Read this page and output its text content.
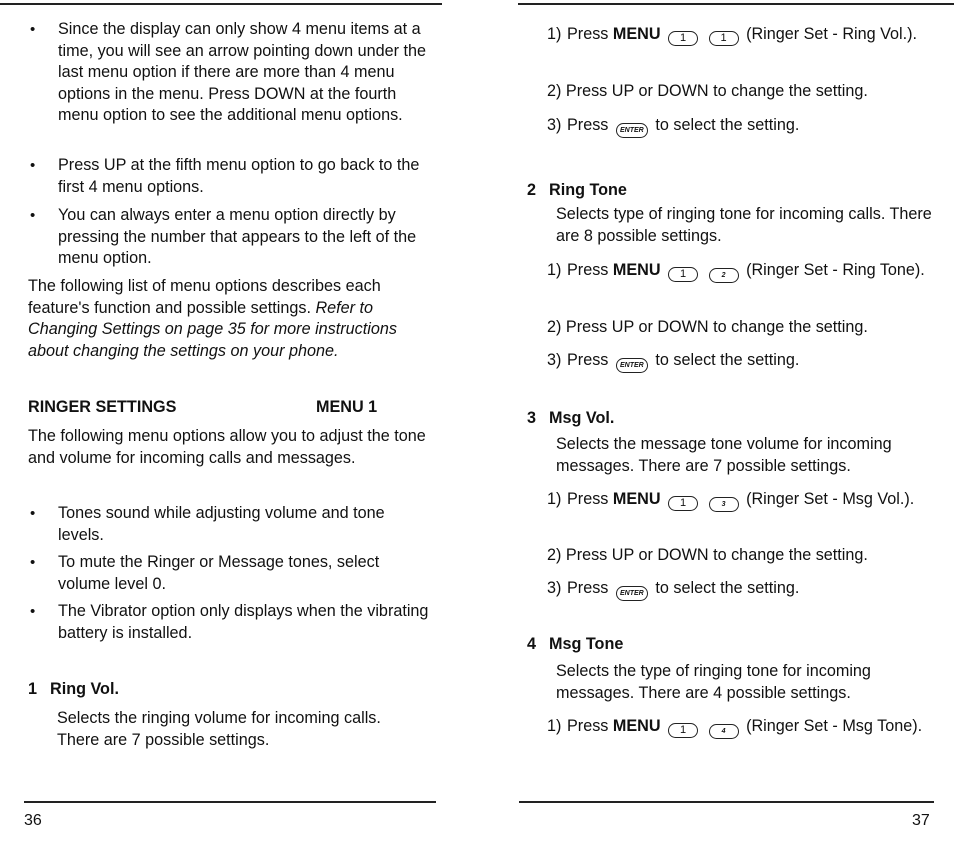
• Since the display can only show 4 menu items at a time, you will see an arrow pointing down under the last menu option if there are more than 4 menu options in the menu. Press DOWN at the fourth menu option to see the additional menu options.

• Press UP at the fifth menu option to go back to the first 4 menu options.

• You can always enter a menu option directly by pressing the number that appears to the left of the menu option.

The following list of menu options describes each feature's function and possible settings. Refer to Changing Settings on page 35 for more instructions about changing the settings on your phone.

RINGER SETTINGS	MENU 1

The following menu options allow you to adjust the tone and volume for incoming calls and messages.

• Tones sound while adjusting volume and tone levels.

• To mute the Ringer or Message tones, select volume level 0.

• The Vibrator option only displays when the vibrating battery is installed.

1 Ring Vol.

Selects the ringing volume for incoming calls. There are 7 possible settings.

1) Press MENU 1 1	(Ringer Set - Ring Vol.).

2) Press UP or DOWN to change the setting.

3) Press ENTER to select the setting.

2 Ring Tone

Selects type of ringing tone for incoming calls. There are 8 possible settings.

1) Press MENU 1	2 (Ringer Set - Ring Tone).

2) Press UP or DOWN to change the setting.

3) Press ENTER to select the setting.

3 Msg Vol.

Selects the message tone volume for incoming messages. There are 7 possible settings.

1) Press MENU 1	3 (Ringer Set - Msg Vol.).

2) Press UP or DOWN to change the setting.

3) Press ENTER to select the setting.

4 Msg Tone

Selects the type of ringing tone for incoming messages. There are 4 possible settings.

1) Press MENU 1	4 (Ringer Set - Msg Tone).

36	37
